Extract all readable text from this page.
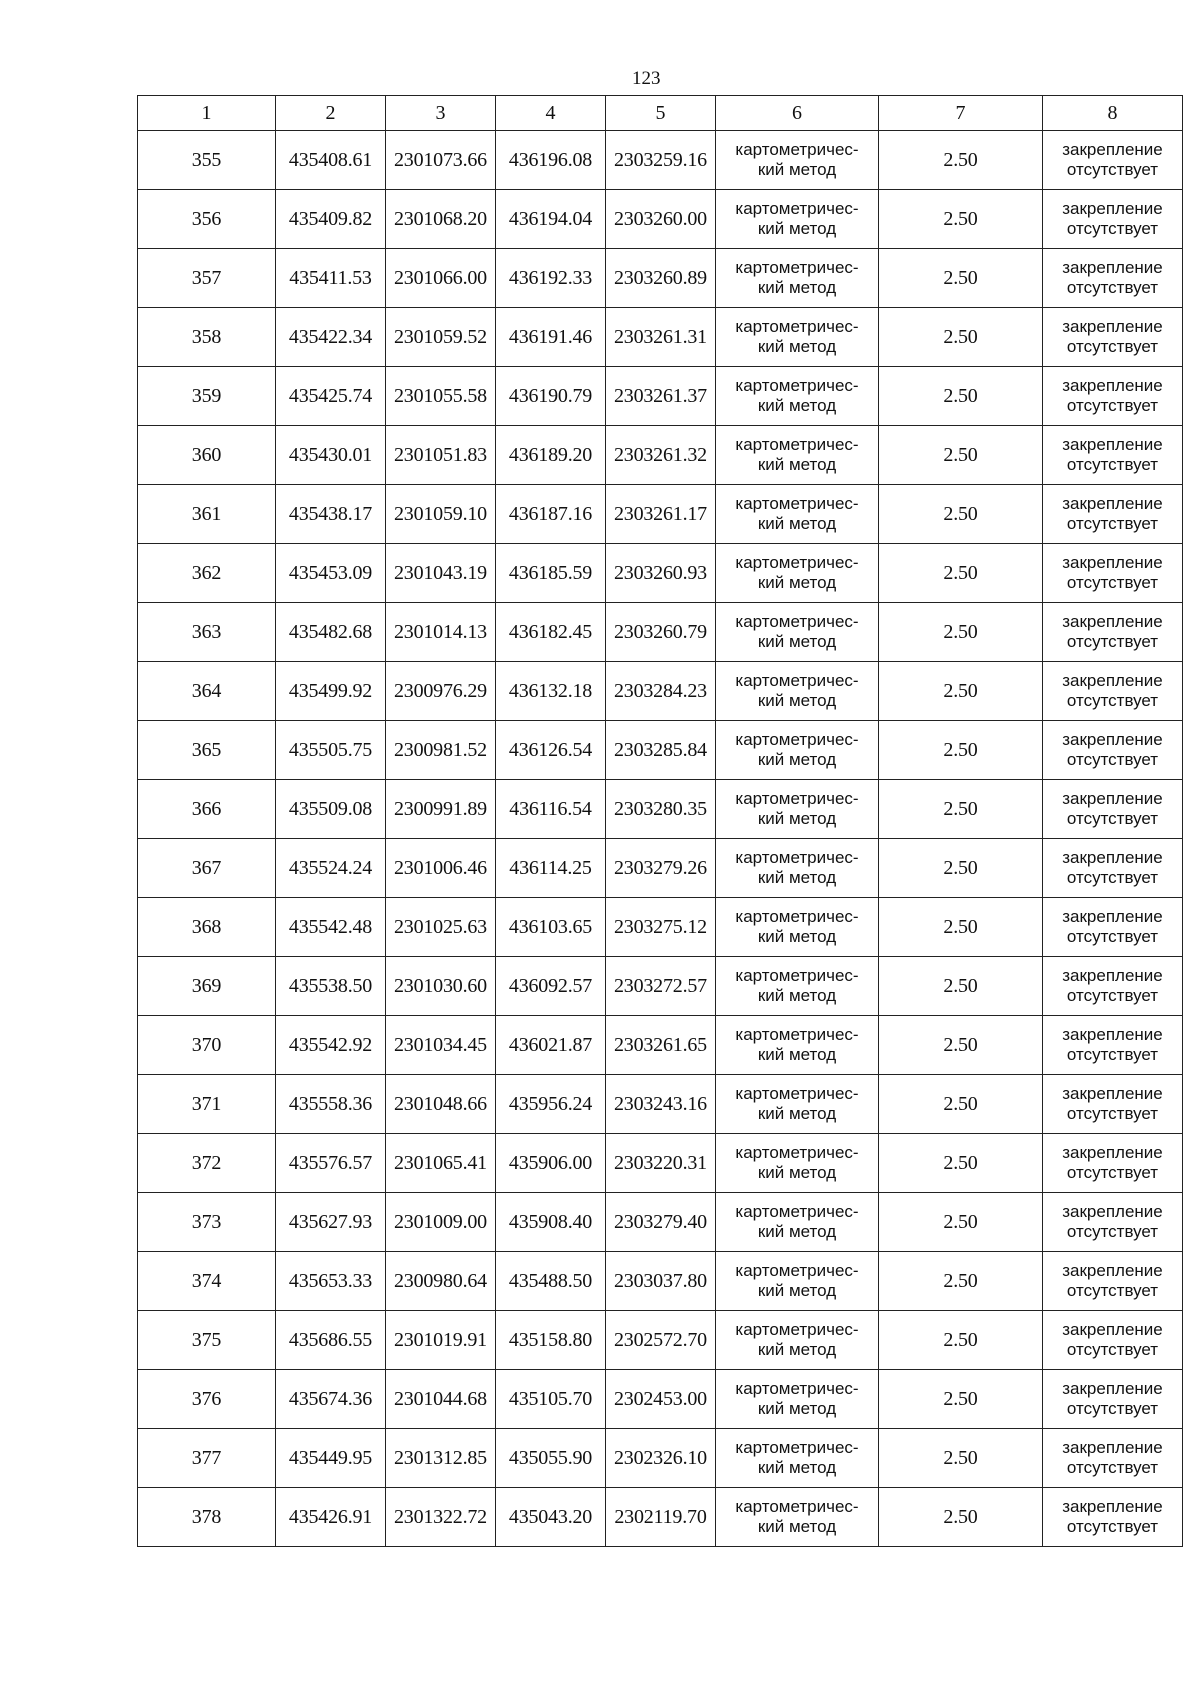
123
1	2	3	4	5	6	7	8
355	435408.61	2301073.66	436196.08	2303259.16	картометричес-
кий метод	2.50	закрепление
отсутствует

356	435409.82	2301068.20	436194.04	2303260.00	картометричес-
кий метод	2.50	закрепление
отсутствует

357	435411.53	2301066.00	436192.33	2303260.89	картометричес-
кий метод	2.50	закрепление
отсутствует

358	435422.34	2301059.52	436191.46	2303261.31	картометричес-
кий метод	2.50	закрепление
отсутствует

359	435425.74	2301055.58	436190.79	2303261.37	картометричес-
кий метод	2.50	закрепление
отсутствует

360	435430.01	2301051.83	436189.20	2303261.32	картометричес-
кий метод	2.50	закрепление
отсутствует

361	435438.17	2301059.10	436187.16	2303261.17	картометричес-
кий метод	2.50	закрепление
отсутствует

362	435453.09	2301043.19	436185.59	2303260.93	картометричес-
кий метод	2.50	закрепление
отсутствует

363	435482.68	2301014.13	436182.45	2303260.79	картометричес-
кий метод	2.50	закрепление
отсутствует

364	435499.92	2300976.29	436132.18	2303284.23	картометричес-
кий метод	2.50	закрепление
отсутствует

365	435505.75	2300981.52	436126.54	2303285.84	картометричес-
кий метод	2.50	закрепление
отсутствует

366	435509.08	2300991.89	436116.54	2303280.35	картометричес-
кий метод	2.50	закрепление
отсутствует

367	435524.24	2301006.46	436114.25	2303279.26	картометричес-
кий метод	2.50	закрепление
отсутствует

368	435542.48	2301025.63	436103.65	2303275.12	картометричес-
кий метод	2.50	закрепление
отсутствует

369	435538.50	2301030.60	436092.57	2303272.57	картометричес-
кий метод	2.50	закрепление
отсутствует

370	435542.92	2301034.45	436021.87	2303261.65	картометричес-
кий метод	2.50	закрепление
отсутствует

371	435558.36	2301048.66	435956.24	2303243.16	картометричес-
кий метод	2.50	закрепление
отсутствует

372	435576.57	2301065.41	435906.00	2303220.31	картометричес-
кий метод	2.50	закрепление
отсутствует

373	435627.93	2301009.00	435908.40	2303279.40	картометричес-
кий метод	2.50	закрепление
отсутствует

374	435653.33	2300980.64	435488.50	2303037.80	картометричес-
кий метод	2.50	закрепление
отсутствует

375	435686.55	2301019.91	435158.80	2302572.70	картометричес-
кий метод	2.50	закрепление
отсутствует

376	435674.36	2301044.68	435105.70	2302453.00	картометричес-
кий метод	2.50	закрепление
отсутствует

377	435449.95	2301312.85	435055.90	2302326.10	картометричес-
кий метод	2.50	закрепление
отсутствует

378	435426.91	2301322.72	435043.20	2302119.70	картометричес-
кий метод	2.50	закрепление
отсутствует
